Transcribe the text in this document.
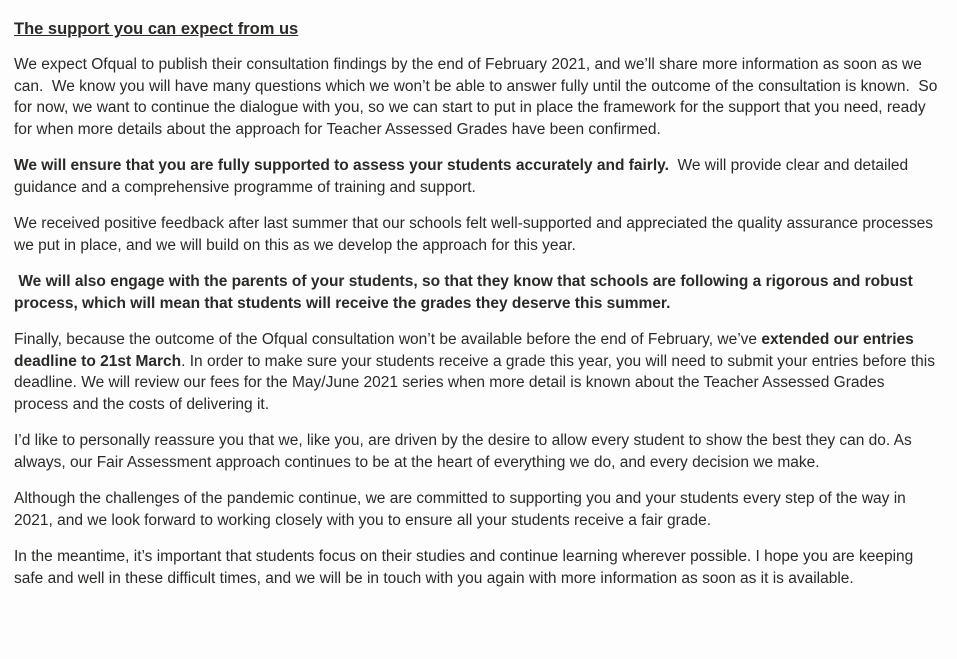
The support you can expect from us

We expect Ofqual to publish their consultation findings by the end of February 2021, and we’ll share more information as soon as we can.  We know you will have many questions which we won’t be able to answer fully until the outcome of the consultation is known.  So for now, we want to continue the dialogue with you, so we can start to put in place the framework for the support that you need, ready for when more details about the approach for Teacher Assessed Grades have been confirmed.

We will ensure that you are fully supported to assess your students accurately and fairly.  We will provide clear and detailed guidance and a comprehensive programme of training and support.

We received positive feedback after last summer that our schools felt well-supported and appreciated the quality assurance processes we put in place, and we will build on this as we develop the approach for this year.

We will also engage with the parents of your students, so that they know that schools are following a rigorous and robust process, which will mean that students will receive the grades they deserve this summer.

Finally, because the outcome of the Ofqual consultation won’t be available before the end of February, we’ve extended our entries deadline to 21st March. In order to make sure your students receive a grade this year, you will need to submit your entries before this deadline. We will review our fees for the May/June 2021 series when more detail is known about the Teacher Assessed Grades process and the costs of delivering it.

I’d like to personally reassure you that we, like you, are driven by the desire to allow every student to show the best they can do. As always, our Fair Assessment approach continues to be at the heart of everything we do, and every decision we make.

Although the challenges of the pandemic continue, we are committed to supporting you and your students every step of the way in 2021, and we look forward to working closely with you to ensure all your students receive a fair grade.

In the meantime, it’s important that students focus on their studies and continue learning wherever possible. I hope you are keeping safe and well in these difficult times, and we will be in touch with you again with more information as soon as it is available.
